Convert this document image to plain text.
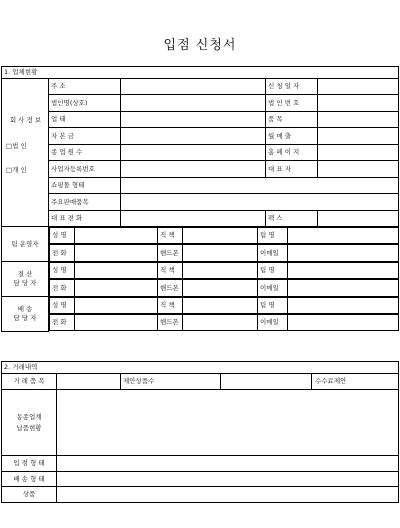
입점 신청서
1. 업체현황

회 사 정 보
□법 인
□개 인
	주 소		신 청 일 자	
법인명(상호)		법 인 번 호	
업 태		품 목	
자 본 금		월 매 출	
종 업 원 수		홈 페 이 지	
사업자등록번호		대 표 자	
쇼핑몰 형태	
주요판매품목	
대 표 전 화		팩 스	
팀 운영자	
성 명		직 책		팀 명	

전 화		핸드폰		이메일	

결 산
담 당 자	
성 명		직 책		팀 명	

전 화		핸드폰		이메일	

배 송
담 당 자	
성 명		직 책		팀 명	

전 화		핸드폰		이메일	
2. 거래내역			
거 래 품 목		제안상품수	수수료제안

동종업계
납품현황			
입 점 형 태			
배 송 형 태			
상품			
